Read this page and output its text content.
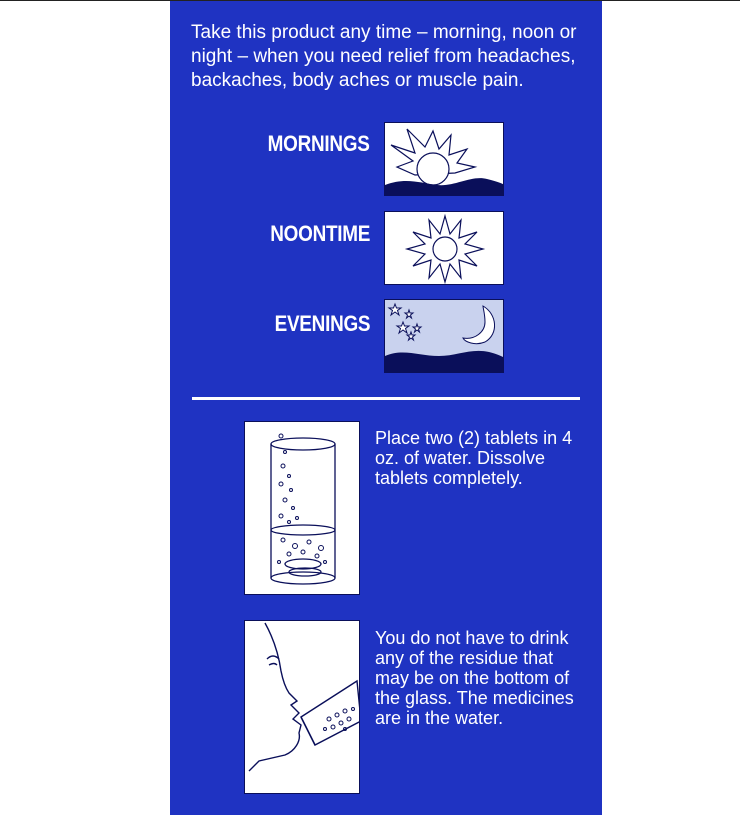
Take this product any time – morning, noon or night – when you need relief from headaches, backaches, body aches or muscle pain.
MORNINGS
NOONTIME
EVENINGS
Place two (2) tablets in 4 oz. of water. Dissolve tablets completely.
You do not have to drink any of the residue that may be on the bottom of the glass. The medicines are in the water.
